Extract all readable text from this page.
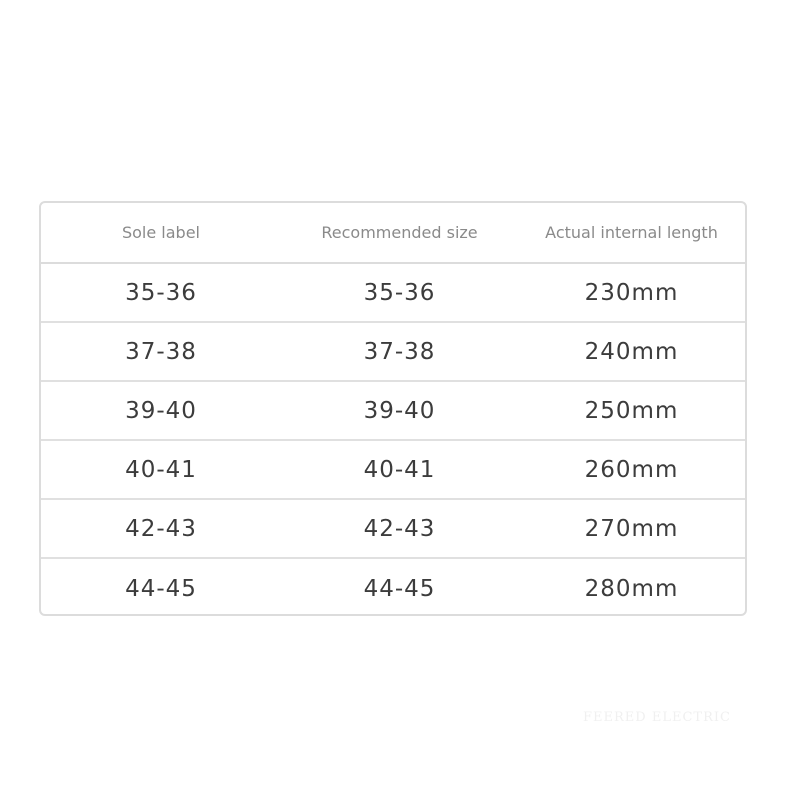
Sole label	Recommended size	Actual internal length
35-36	35-36	230mm
37-38	37-38	240mm
39-40	39-40	250mm
40-41	40-41	260mm
42-43	42-43	270mm
44-45	44-45	280mm
FEERED ELECTRIC
